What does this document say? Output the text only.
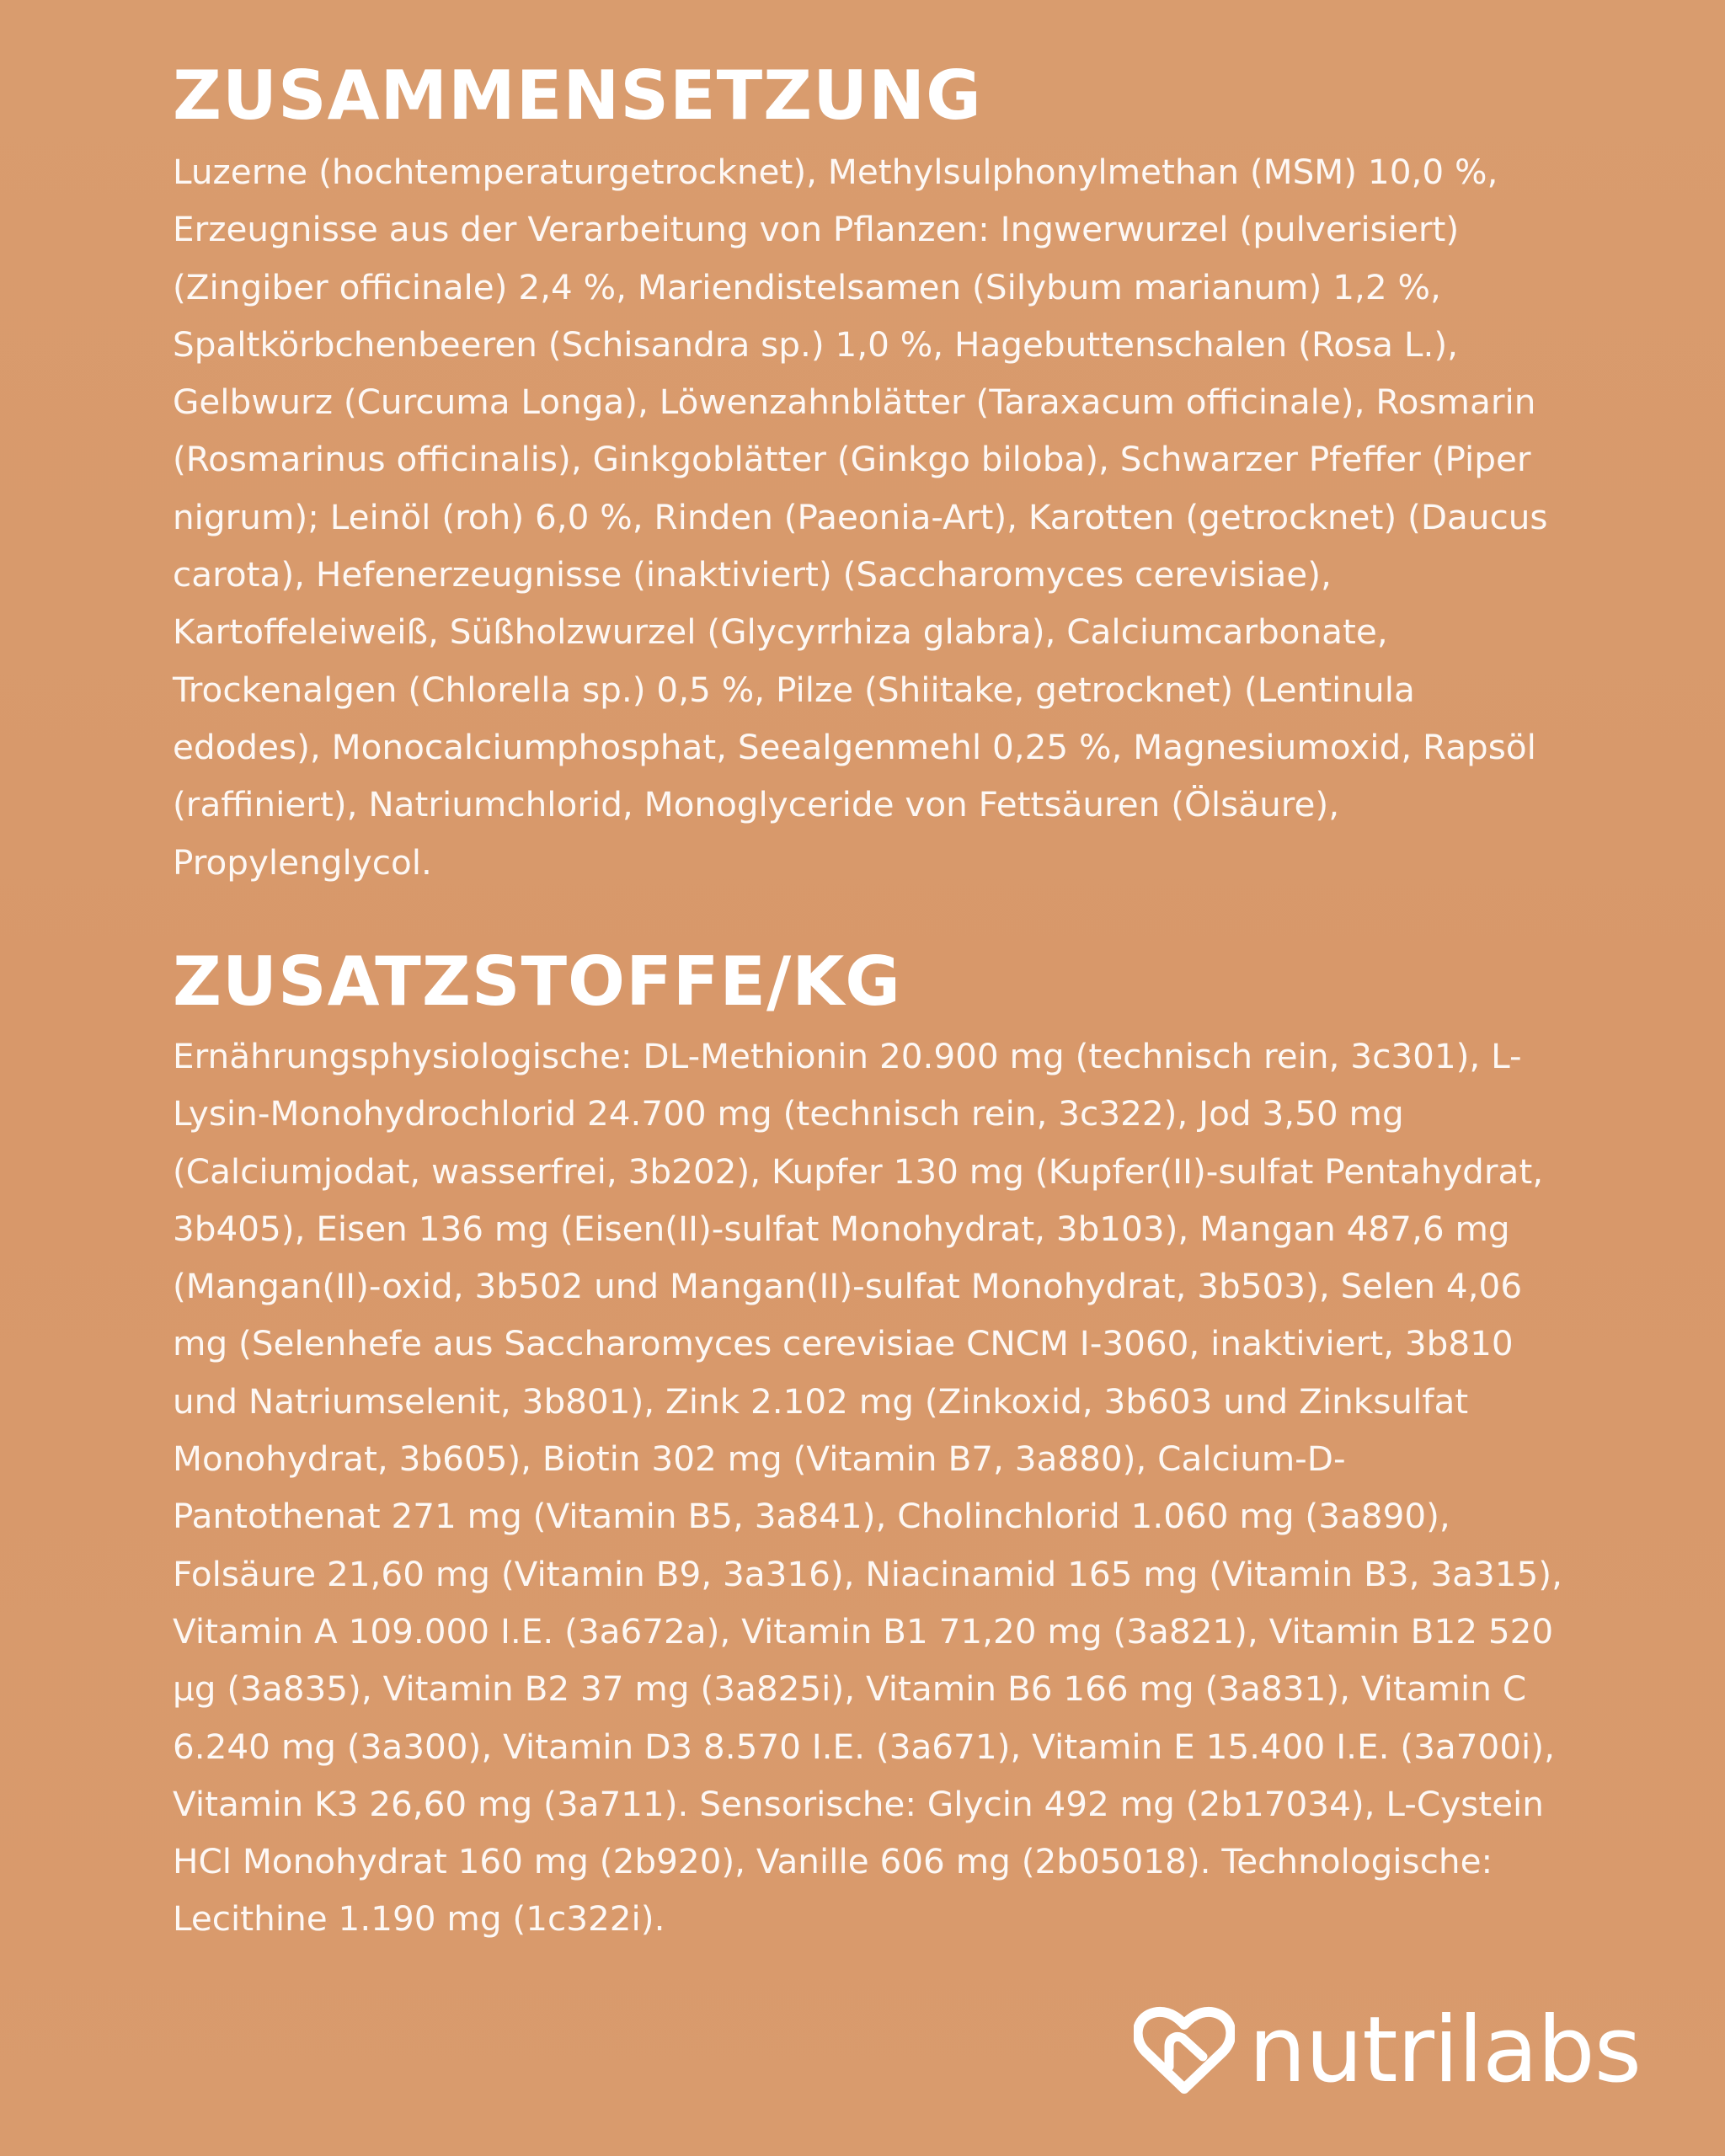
ZUSAMMENSETZUNG

Luzerne (hochtemperaturgetrocknet), Methylsulphonylmethan (MSM) 10,0 %,
Erzeugnisse aus der Verarbeitung von Pflanzen: Ingwerwurzel (pulverisiert)
(Zingiber officinale) 2,4 %, Mariendistelsamen (Silybum marianum) 1,2 %,
Spaltkörbchenbeeren (Schisandra sp.) 1,0 %, Hagebuttenschalen (Rosa L.),
Gelbwurz (Curcuma Longa), Löwenzahnblätter (Taraxacum officinale), Rosmarin
(Rosmarinus officinalis), Ginkgoblätter (Ginkgo biloba), Schwarzer Pfeffer (Piper
nigrum); Leinöl (roh) 6,0 %, Rinden (Paeonia-Art), Karotten (getrocknet) (Daucus
carota), Hefenerzeugnisse (inaktiviert) (Saccharomyces cerevisiae),
Kartoffeleiweiß, Süßholzwurzel (Glycyrrhiza glabra), Calciumcarbonate,
Trockenalgen (Chlorella sp.) 0,5 %, Pilze (Shiitake, getrocknet) (Lentinula
edodes), Monocalciumphosphat, Seealgenmehl 0,25 %, Magnesiumoxid, Rapsöl
(raffiniert), Natriumchlorid, Monoglyceride von Fettsäuren (Ölsäure),
Propylenglycol.

ZUSATZSTOFFE/KG

Ernährungsphysiologische: DL-Methionin 20.900 mg (technisch rein, 3c301), L-
Lysin-Monohydrochlorid 24.700 mg (technisch rein, 3c322), Jod 3,50 mg
(Calciumjodat, wasserfrei, 3b202), Kupfer 130 mg (Kupfer(II)-sulfat Pentahydrat,
3b405), Eisen 136 mg (Eisen(II)-sulfat Monohydrat, 3b103), Mangan 487,6 mg
(Mangan(II)-oxid, 3b502 und Mangan(II)-sulfat Monohydrat, 3b503), Selen 4,06
mg (Selenhefe aus Saccharomyces cerevisiae CNCM I-3060, inaktiviert, 3b810
und Natriumselenit, 3b801), Zink 2.102 mg (Zinkoxid, 3b603 und Zinksulfat
Monohydrat, 3b605), Biotin 302 mg (Vitamin B7, 3a880), Calcium-D-
Pantothenat 271 mg (Vitamin B5, 3a841), Cholinchlorid 1.060 mg (3a890),
Folsäure 21,60 mg (Vitamin B9, 3a316), Niacinamid 165 mg (Vitamin B3, 3a315),
Vitamin A 109.000 I.E. (3a672a), Vitamin B1 71,20 mg (3a821), Vitamin B12 520
µg (3a835), Vitamin B2 37 mg (3a825i), Vitamin B6 166 mg (3a831), Vitamin C
6.240 mg (3a300), Vitamin D3 8.570 I.E. (3a671), Vitamin E 15.400 I.E. (3a700i),
Vitamin K3 26,60 mg (3a711). Sensorische: Glycin 492 mg (2b17034), L-Cystein
HCl Monohydrat 160 mg (2b920), Vanille 606 mg (2b05018). Technologische:
Lecithine 1.190 mg (1c322i).

nutrilabs
